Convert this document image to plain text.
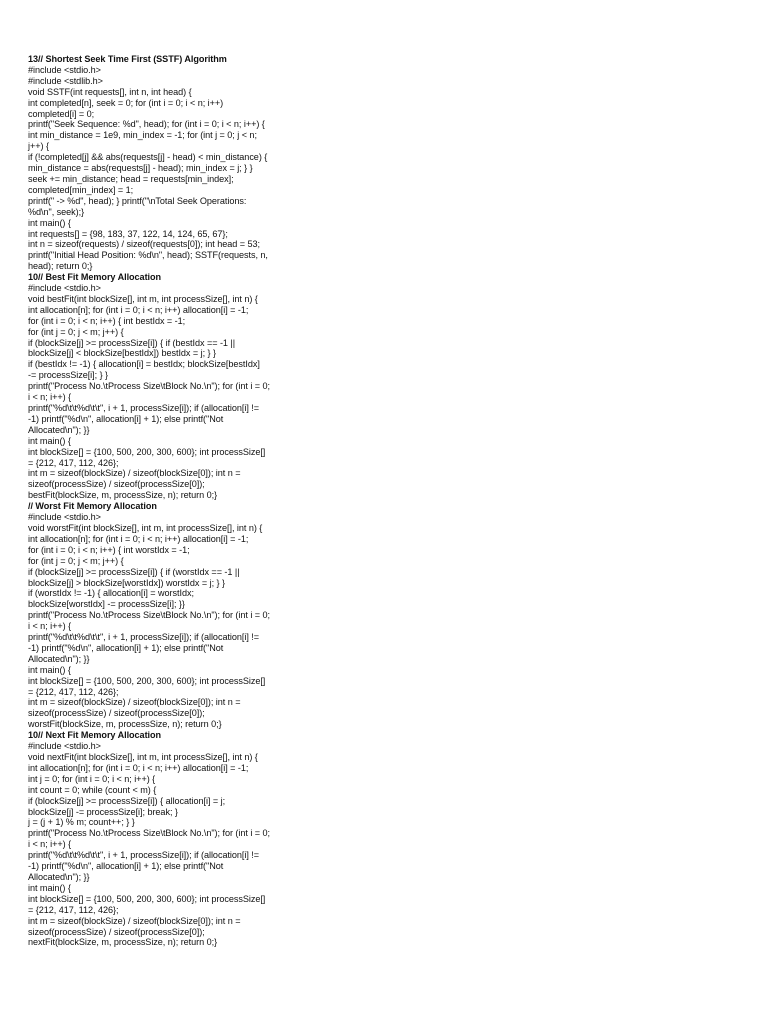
13// Shortest Seek Time First (SSTF) Algorithm
#include <stdio.h>
#include <stdlib.h>
void SSTF(int requests[], int n, int head) {
int completed[n], seek = 0; for (int i = 0; i < n; i++)
completed[i] = 0;
printf("Seek Sequence: %d", head); for (int i = 0; i < n; i++) {
int min_distance = 1e9, min_index = -1; for (int j = 0; j < n;
j++) {
if (!completed[j] && abs(requests[j] - head) < min_distance) {
min_distance = abs(requests[j] - head); min_index = j; } }
seek += min_distance; head = requests[min_index];
completed[min_index] = 1;
printf(" -> %d", head); } printf("\nTotal Seek Operations:
%d\n", seek);}
int main() {
int requests[] = {98, 183, 37, 122, 14, 124, 65, 67};
int n = sizeof(requests) / sizeof(requests[0]); int head = 53;
printf("Initial Head Position: %d\n", head); SSTF(requests, n,
head); return 0;}
10// Best Fit Memory Allocation
#include <stdio.h>
void bestFit(int blockSize[], int m, int processSize[], int n) {
int allocation[n]; for (int i = 0; i < n; i++) allocation[i] = -1;
for (int i = 0; i < n; i++) { int bestIdx = -1;
for (int j = 0; j < m; j++) {
if (blockSize[j] >= processSize[i]) { if (bestIdx == -1 ||
blockSize[j] < blockSize[bestIdx]) bestIdx = j; } }
if (bestIdx != -1) { allocation[i] = bestIdx; blockSize[bestIdx]
-= processSize[i]; } }
printf("Process No.\tProcess Size\tBlock No.\n"); for (int i = 0;
i < n; i++) {
printf("%d\t\t%d\t\t", i + 1, processSize[i]); if (allocation[i] !=
-1) printf("%d\n", allocation[i] + 1); else printf("Not
Allocated\n"); }}
int main() {
int blockSize[] = {100, 500, 200, 300, 600}; int processSize[]
= {212, 417, 112, 426};
int m = sizeof(blockSize) / sizeof(blockSize[0]); int n =
sizeof(processSize) / sizeof(processSize[0]);
bestFit(blockSize, m, processSize, n); return 0;}
// Worst Fit Memory Allocation
#include <stdio.h>
void worstFit(int blockSize[], int m, int processSize[], int n) {
int allocation[n]; for (int i = 0; i < n; i++) allocation[i] = -1;
for (int i = 0; i < n; i++) { int worstIdx = -1;
for (int j = 0; j < m; j++) {
if (blockSize[j] >= processSize[i]) { if (worstIdx == -1 ||
blockSize[j] > blockSize[worstIdx]) worstIdx = j; } }
if (worstIdx != -1) { allocation[i] = worstIdx;
blockSize[worstIdx] -= processSize[i]; }}
printf("Process No.\tProcess Size\tBlock No.\n"); for (int i = 0;
i < n; i++) {
printf("%d\t\t%d\t\t", i + 1, processSize[i]); if (allocation[i] !=
-1) printf("%d\n", allocation[i] + 1); else printf("Not
Allocated\n"); }}
int main() {
int blockSize[] = {100, 500, 200, 300, 600}; int processSize[]
= {212, 417, 112, 426};
int m = sizeof(blockSize) / sizeof(blockSize[0]); int n =
sizeof(processSize) / sizeof(processSize[0]);
worstFit(blockSize, m, processSize, n); return 0;}
10// Next Fit Memory Allocation
#include <stdio.h>
void nextFit(int blockSize[], int m, int processSize[], int n) {
int allocation[n]; for (int i = 0; i < n; i++) allocation[i] = -1;
int j = 0; for (int i = 0; i < n; i++) {
int count = 0; while (count < m) {
if (blockSize[j] >= processSize[i]) { allocation[i] = j;
blockSize[j] -= processSize[i]; break; }
j = (j + 1) % m; count++; } }
printf("Process No.\tProcess Size\tBlock No.\n"); for (int i = 0;
i < n; i++) {
printf("%d\t\t%d\t\t", i + 1, processSize[i]); if (allocation[i] !=
-1) printf("%d\n", allocation[i] + 1); else printf("Not
Allocated\n"); }}
int main() {
int blockSize[] = {100, 500, 200, 300, 600}; int processSize[]
= {212, 417, 112, 426};
int m = sizeof(blockSize) / sizeof(blockSize[0]); int n =
sizeof(processSize) / sizeof(processSize[0]);
nextFit(blockSize, m, processSize, n); return 0;}
